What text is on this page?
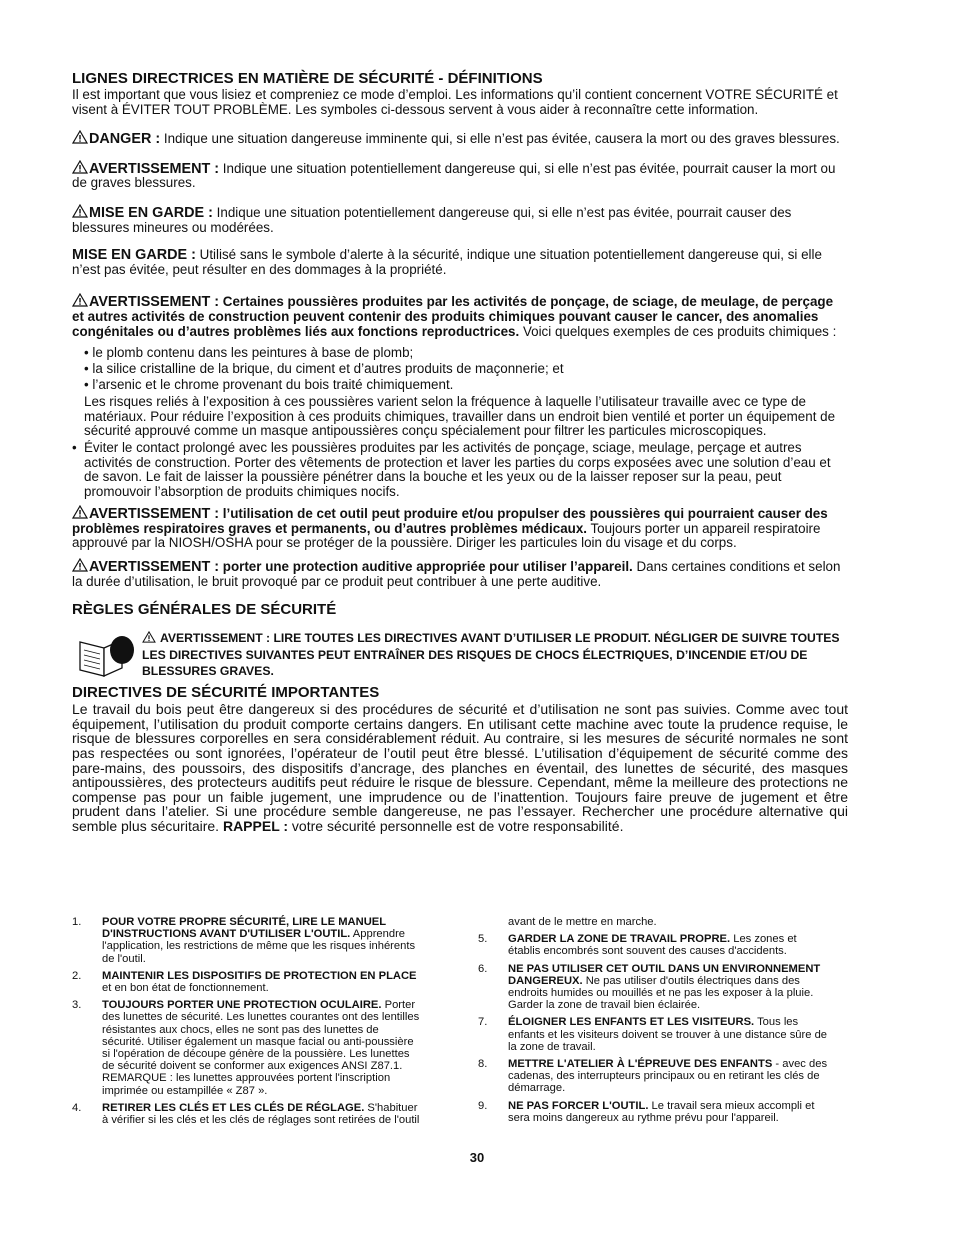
LIGNES DIRECTRICES EN MATIÈRE DE SÉCURITÉ - DÉFINITIONS

Il est important que vous lisiez et compreniez ce mode d’emploi. Les informations qu’il contient concernent VOTRE SÉCURITÉ et visent à ÉVITER TOUT PROBLÈME. Les symboles ci-dessous servent à vous aider à reconnaître cette information.

DANGER : Indique une situation dangereuse imminente qui, si elle n’est pas évitée, causera la mort ou des graves blessures.

AVERTISSEMENT : Indique une situation potentiellement dangereuse qui, si elle n’est pas évitée, pourrait causer la mort ou de graves blessures.

MISE EN GARDE : Indique une situation potentiellement dangereuse qui, si elle n’est pas évitée, pourrait causer des blessures mineures ou modérées.

MISE EN GARDE : Utilisé sans le symbole d’alerte à la sécurité, indique une situation potentiellement dangereuse qui, si elle n’est pas évitée, peut résulter en des dommages à la propriété.

AVERTISSEMENT : Certaines poussières produites par les activités de ponçage, de sciage, de meulage, de perçage et autres activités de construction peuvent contenir des produits chimiques pouvant causer le cancer, des anomalies congénitales ou d’autres problèmes liés aux fonctions reproductrices. Voici quelques exemples de ces produits chimiques :

• le plomb contenu dans les peintures à base de plomb;
• la silice cristalline de la brique, du ciment et d’autres produits de maçonnerie; et
• l’arsenic et le chrome provenant du bois traité chimiquement.

Les risques reliés à l’exposition à ces poussières varient selon la fréquence à laquelle l’utilisateur travaille avec ce type de matériaux. Pour réduire l’exposition à ces produits chimiques, travailler dans un endroit bien ventilé et porter un équipement de sécurité approuvé comme un masque antipoussières conçu spécialement pour filtrer les particules microscopiques.

• Éviter le contact prolongé avec les poussières produites par les activités de ponçage, sciage, meulage, perçage et autres activités de construction. Porter des vêtements de protection et laver les parties du corps exposées avec une solution d’eau et de savon. Le fait de laisser la poussière pénétrer dans la bouche et les yeux ou de la laisser reposer sur la peau, peut promouvoir l’absorption de produits chimiques nocifs.

AVERTISSEMENT : l’utilisation de cet outil peut produire et/ou propulser des poussières qui pourraient causer des problèmes respiratoires graves et permanents, ou d’autres problèmes médicaux. Toujours porter un appareil respiratoire approuvé par la NIOSH/OSHA pour se protéger de la poussière. Diriger les particules loin du visage et du corps.

AVERTISSEMENT : porter une protection auditive appropriée pour utiliser l’appareil. Dans certaines conditions et selon la durée d’utilisation, le bruit provoqué par ce produit peut contribuer à une perte auditive.

RÈGLES GÉNÉRALES DE SÉCURITÉ

AVERTISSEMENT : LIRE TOUTES LES DIRECTIVES AVANT D’UTILISER LE PRODUIT. NÉGLIGER DE SUIVRE TOUTES LES DIRECTIVES SUIVANTES PEUT ENTRAÎNER DES RISQUES DE CHOCS ÉLECTRIQUES, D’INCENDIE ET/OU DE BLESSURES GRAVES.

DIRECTIVES DE SÉCURITÉ IMPORTANTES

Le travail du bois peut être dangereux si des procédures de sécurité et d’utilisation ne sont pas suivies. Comme avec tout équipement, l’utilisation du produit comporte certains dangers. En utilisant cette machine avec toute la prudence requise, le risque de blessures corporelles en sera considérablement réduit. Au contraire, si les mesures de sécurité normales ne sont pas respectées ou sont ignorées, l’opérateur de l’outil peut être blessé. L’utilisation d’équipement de sécurité comme des pare-mains, des poussoirs, des dispositifs d’ancrage, des planches en éventail, des lunettes de sécurité, des masques antipoussières, des protecteurs auditifs peut réduire le risque de blessure. Cependant, même la meilleure des protections ne compense pas pour un faible jugement, une imprudence ou de l’inattention. Toujours faire preuve de jugement et être prudent dans l’atelier. Si une procédure semble dangereuse, ne pas l’essayer. Rechercher une procédure alternative qui semble plus sécuritaire. RAPPEL : votre sécurité personnelle est de votre responsabilité.

1. POUR VOTRE PROPRE SÉCURITÉ, LIRE LE MANUEL D'INSTRUCTIONS AVANT D'UTILISER L'OUTIL. Apprendre l'application, les restrictions de même que les risques inhérents de l'outil.
2. MAINTENIR LES DISPOSITIFS DE PROTECTION EN PLACE et en bon état de fonctionnement.
3. TOUJOURS PORTER UNE PROTECTION OCULAIRE. Porter des lunettes de sécurité. Les lunettes courantes ont des lentilles résistantes aux chocs, elles ne sont pas des lunettes de sécurité. Utiliser également un masque facial ou anti-poussière si l'opération de découpe génère de la poussière. Les lunettes de sécurité doivent se conformer aux exigences ANSI Z87.1. REMARQUE : les lunettes approuvées portent l'inscription imprimée ou estampillée « Z87 ».
4. RETIRER LES CLÉS ET LES CLÉS DE RÉGLAGE. S'habituer à vérifier si les clés et les clés de réglages sont retirées de l'outil
avant de le mettre en marche.
5. GARDER LA ZONE DE TRAVAIL PROPRE. Les zones et établis encombrés sont souvent des causes d'accidents.
6. NE PAS UTILISER CET OUTIL DANS UN ENVIRONNEMENT DANGEREUX. Ne pas utiliser d'outils électriques dans des endroits humides ou mouillés et ne pas les exposer à la pluie. Garder la zone de travail bien éclairée.
7. ÉLOIGNER LES ENFANTS ET LES VISITEURS. Tous les enfants et les visiteurs doivent se trouver à une distance sûre de la zone de travail.
8. METTRE L'ATELIER À L'ÉPREUVE DES ENFANTS - avec des cadenas, des interrupteurs principaux ou en retirant les clés de démarrage.
9. NE PAS FORCER L'OUTIL. Le travail sera mieux accompli et sera moins dangereux au rythme prévu pour l'appareil.
30
